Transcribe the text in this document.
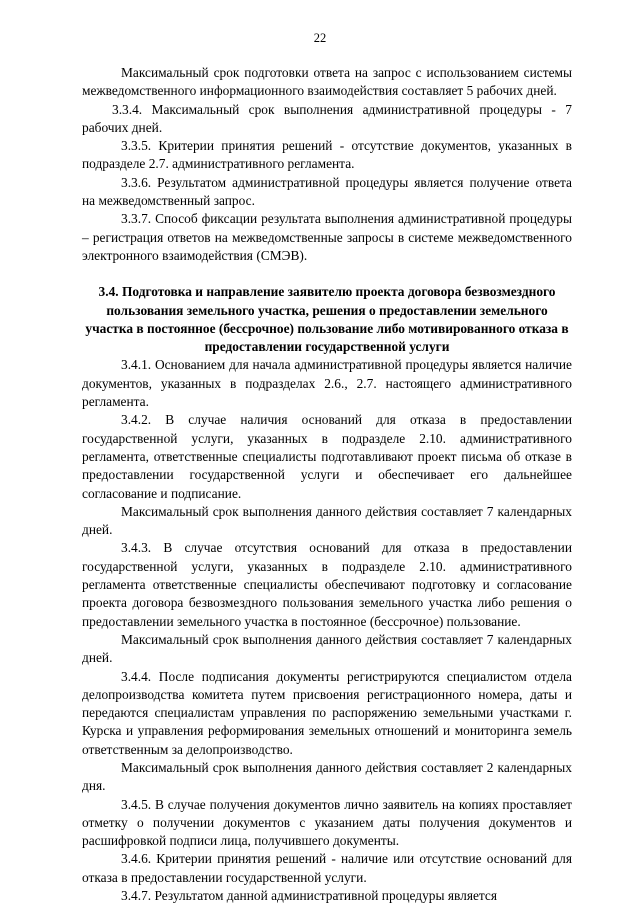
22

Максимальный срок подготовки ответа на запрос с использованием системы межведомственного информационного взаимодействия составляет 5 рабочих дней.

3.3.4. Максимальный срок выполнения административной процедуры - 7 рабочих дней.

3.3.5. Критерии принятия решений - отсутствие документов, указанных в подразделе 2.7. административного регламента.

3.3.6. Результатом административной процедуры является получение ответа на межведомственный запрос.

3.3.7. Способ фиксации результата выполнения административной процедуры – регистрация ответов на межведомственные запросы в системе межведомственного электронного взаимодействия (СМЭВ).

3.4. Подготовка и направление заявителю проекта договора безвозмездного пользования земельного участка, решения о предоставлении земельного участка в постоянное (бессрочное) пользование либо мотивированного отказа в предоставлении государственной услуги

3.4.1. Основанием для начала административной процедуры является наличие документов, указанных в подразделах 2.6., 2.7. настоящего административного регламента.

3.4.2. В случае наличия оснований для отказа в предоставлении государственной услуги, указанных в подразделе 2.10. административного регламента, ответственные специалисты подготавливают проект письма об отказе в предоставлении государственной услуги и обеспечивает его дальнейшее согласование и подписание.

Максимальный срок выполнения данного действия составляет 7 календарных дней.

3.4.3. В случае отсутствия оснований для отказа в предоставлении государственной услуги, указанных в подразделе 2.10. административного регламента ответственные специалисты обеспечивают подготовку и согласование проекта договора безвозмездного пользования земельного участка либо решения о предоставлении земельного участка в постоянное (бессрочное) пользование.

Максимальный срок выполнения данного действия составляет 7 календарных дней.

3.4.4. После подписания документы регистрируются специалистом отдела делопроизводства комитета путем присвоения регистрационного номера, даты и передаются специалистам управления по распоряжению земельными участками г. Курска и управления реформирования земельных отношений и мониторинга земель ответственным за делопроизводство.

Максимальный срок выполнения данного действия составляет 2 календарных дня.

3.4.5. В случае получения документов лично заявитель на копиях проставляет отметку о получении документов с указанием даты получения документов и расшифровкой подписи лица, получившего документы.

3.4.6. Критерии принятия решений - наличие или отсутствие оснований для отказа в предоставлении государственной услуги.

3.4.7. Результатом данной административной процедуры является
